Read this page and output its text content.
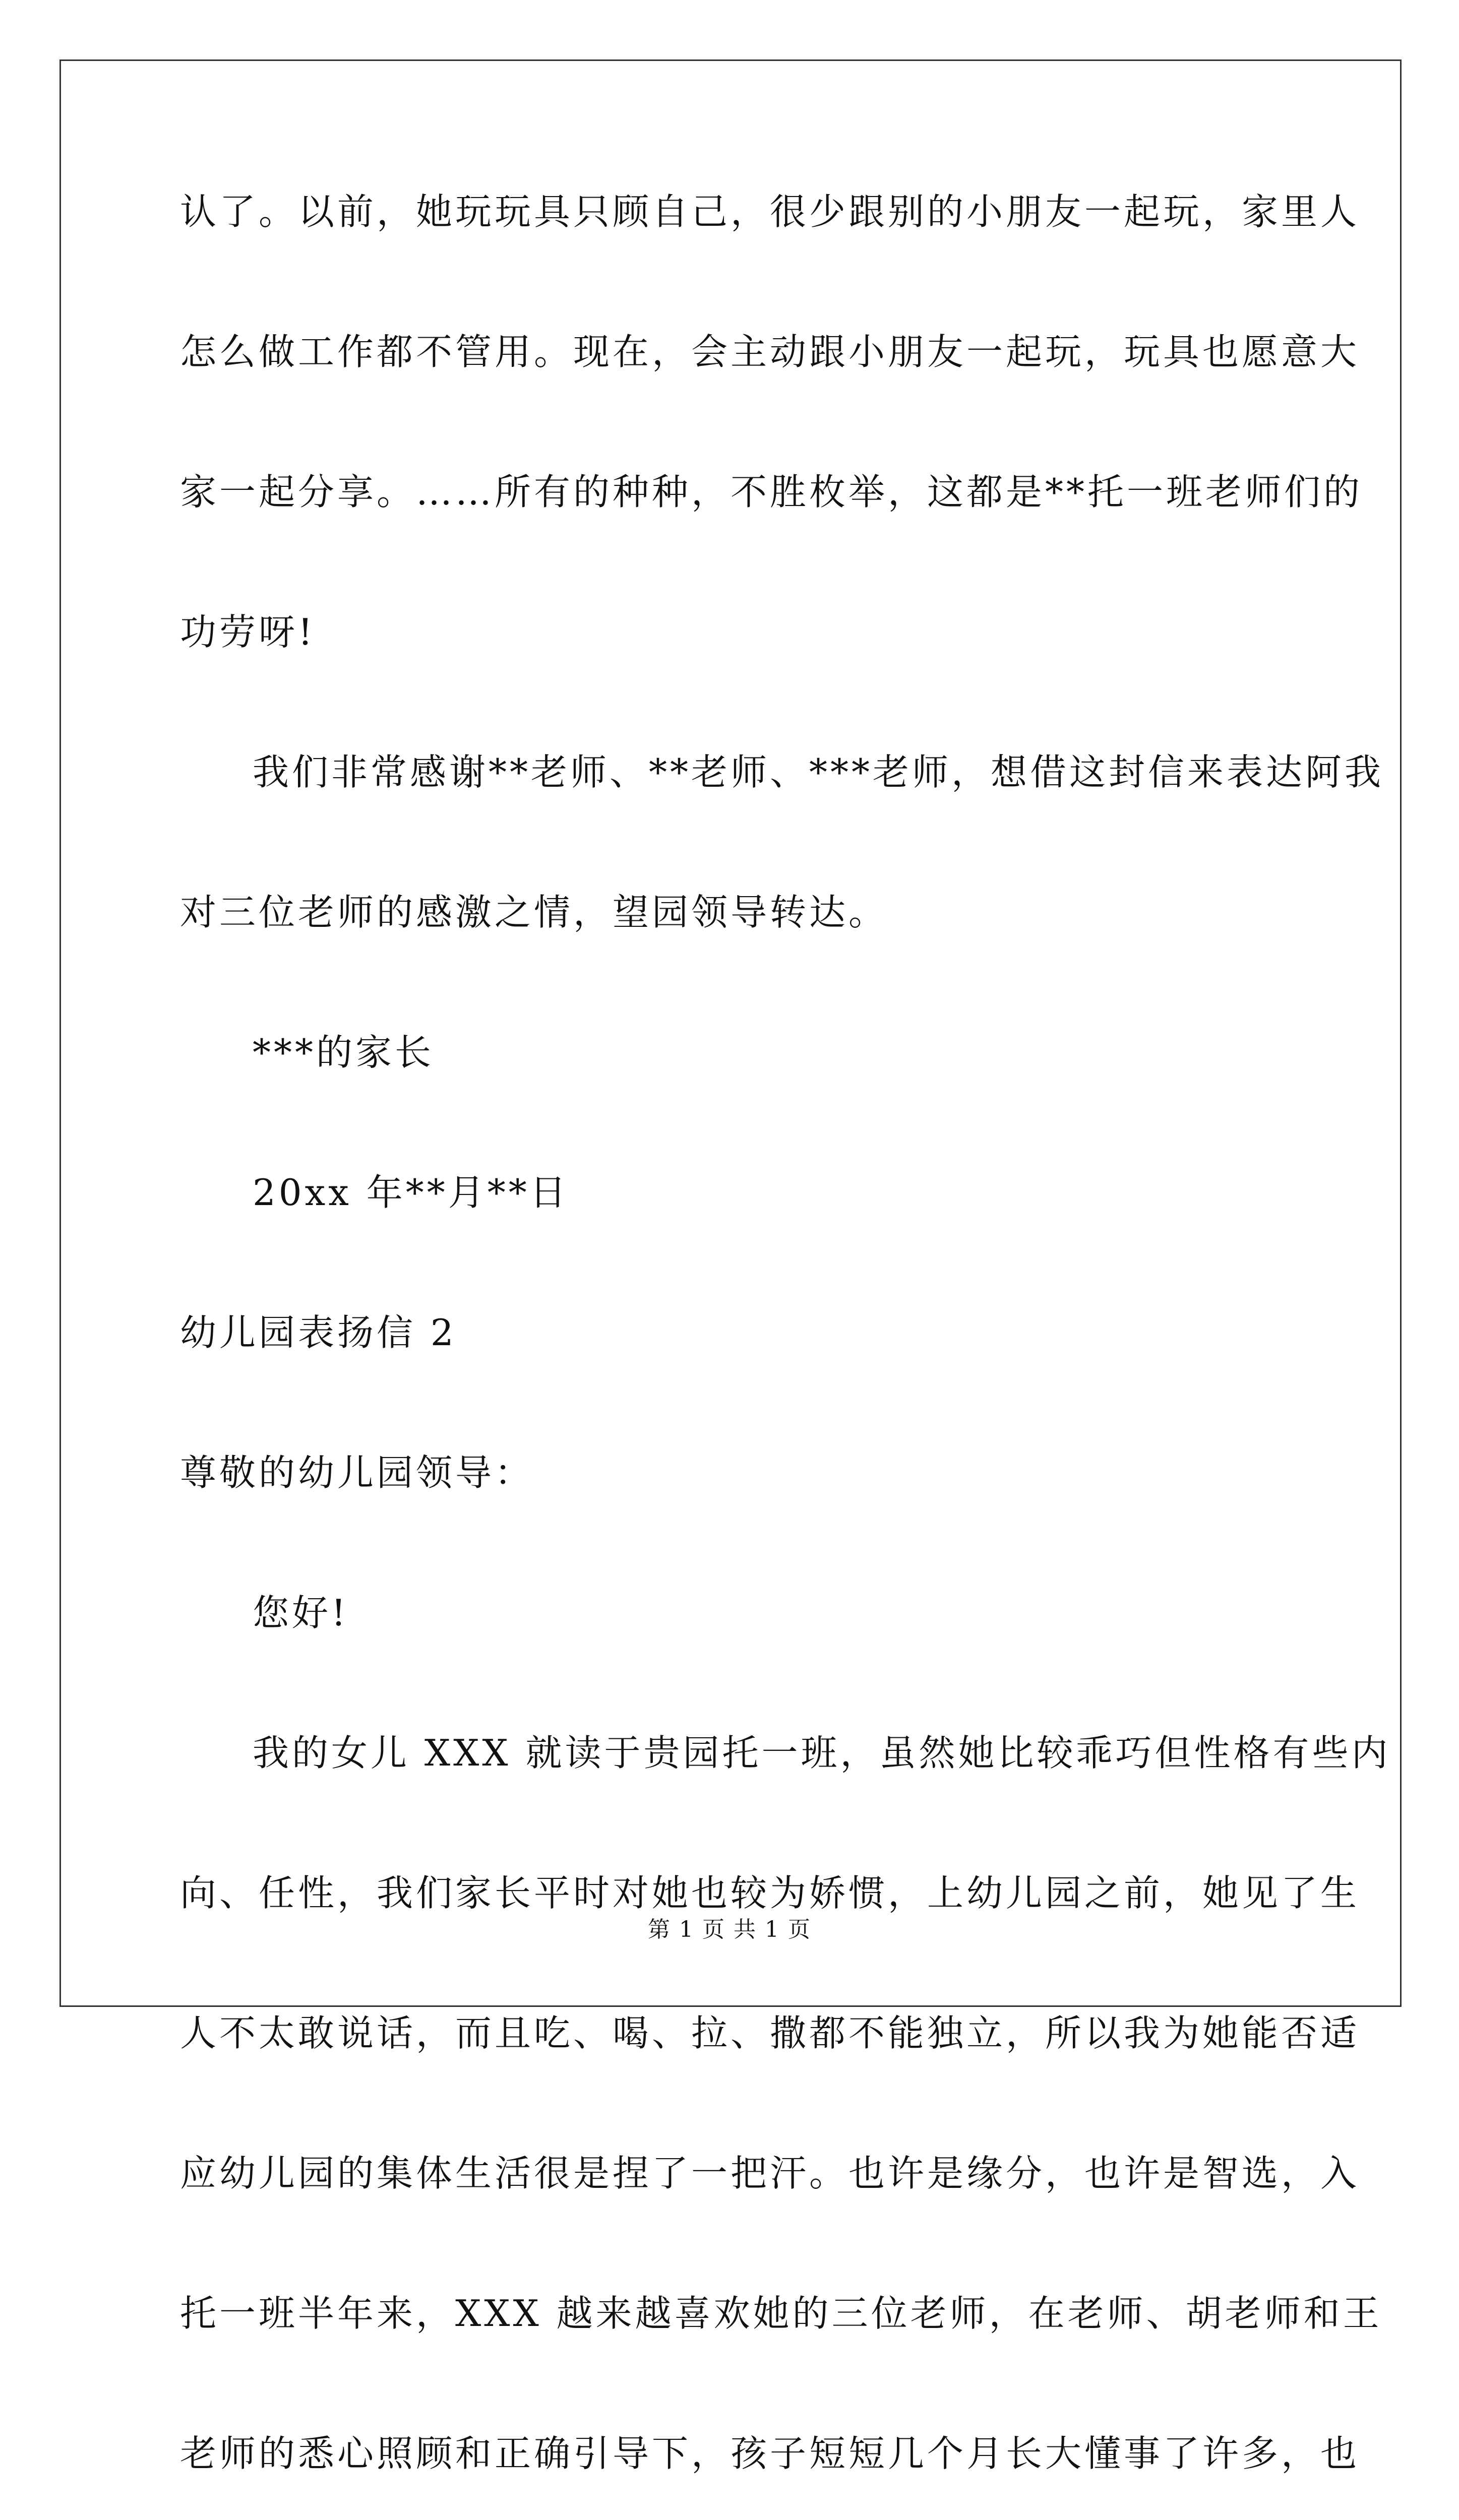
认了。以前，她玩玩具只顾自己，很少跟别的小朋友一起玩，家里人
怎么做工作都不管用。现在，会主动跟小朋友一起玩，玩具也愿意大
家一起分享。……所有的种种，不胜枚举，这都是**托一班老师们的
功劳呀!
我们非常感谢**老师、**老师、***老师，想借这封信来表达阿我
对三位老师的感激之情，望园领导转达。
***的家长
20xx 年**月**日
幼儿园表扬信 2
尊敬的幼儿园领导：
您好!
我的女儿 XXX 就读于贵园托一班，虽然她比较乖巧但性格有些内
向、任性，我们家长平时对她也较为娇惯，上幼儿园之前，她见了生
人不太敢说话，而且吃、喝、拉、撒都不能独立，所以我为她能否适
应幼儿园的集体生活很是捏了一把汗。也许是缘分，也许是智选，入
托一班半年来，XXX 越来越喜欢她的三位老师，在老师、胡老师和王
老师的悉心照顾和正确引导下，孩子短短几个月长大懂事了许多，也
第 1 页 共 1 页
